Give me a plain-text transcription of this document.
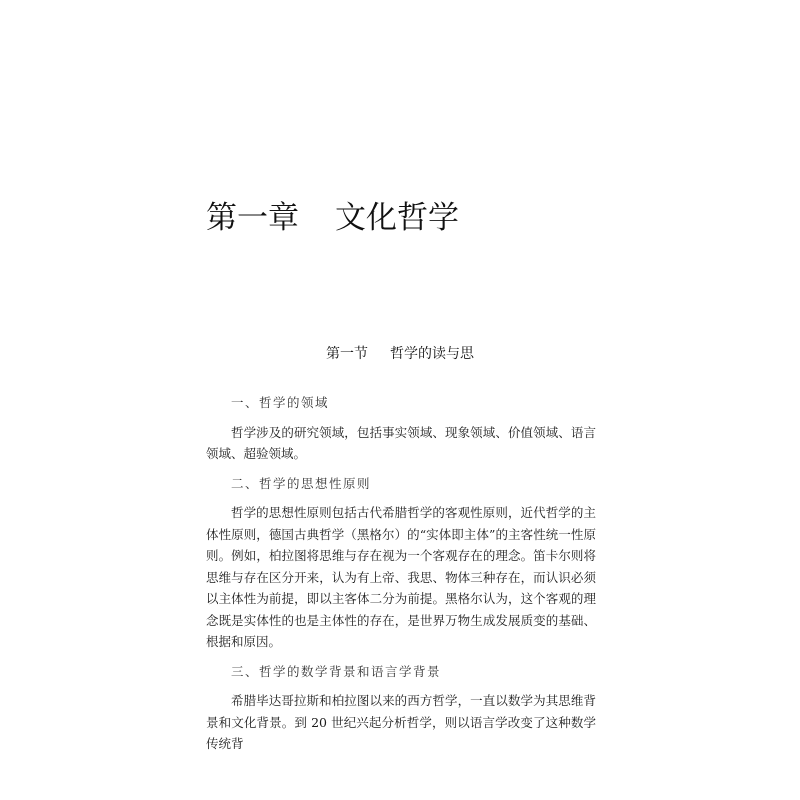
第一章 文化哲学
第一节 哲学的读与思
一、哲学的领域

哲学涉及的研究领域，包括事实领域、现象领域、价值领域、语言领域、超验领域。

二、哲学的思想性原则

哲学的思想性原则包括古代希腊哲学的客观性原则，近代哲学的主体性原则，德国古典哲学（黑格尔）的“实体即主体”的主客性统一性原则。例如，柏拉图将思维与存在视为一个客观存在的理念。笛卡尔则将思维与存在区分开来，认为有上帝、我思、物体三种存在，而认识必须以主体性为前提，即以主客体二分为前提。黑格尔认为，这个客观的理念既是实体性的也是主体性的存在，是世界万物生成发展质变的基础、根据和原因。

三、哲学的数学背景和语言学背景

希腊毕达哥拉斯和柏拉图以来的西方哲学，一直以数学为其思维背景和文化背景。到 20 世纪兴起分析哲学，则以语言学改变了这种数学传统背
